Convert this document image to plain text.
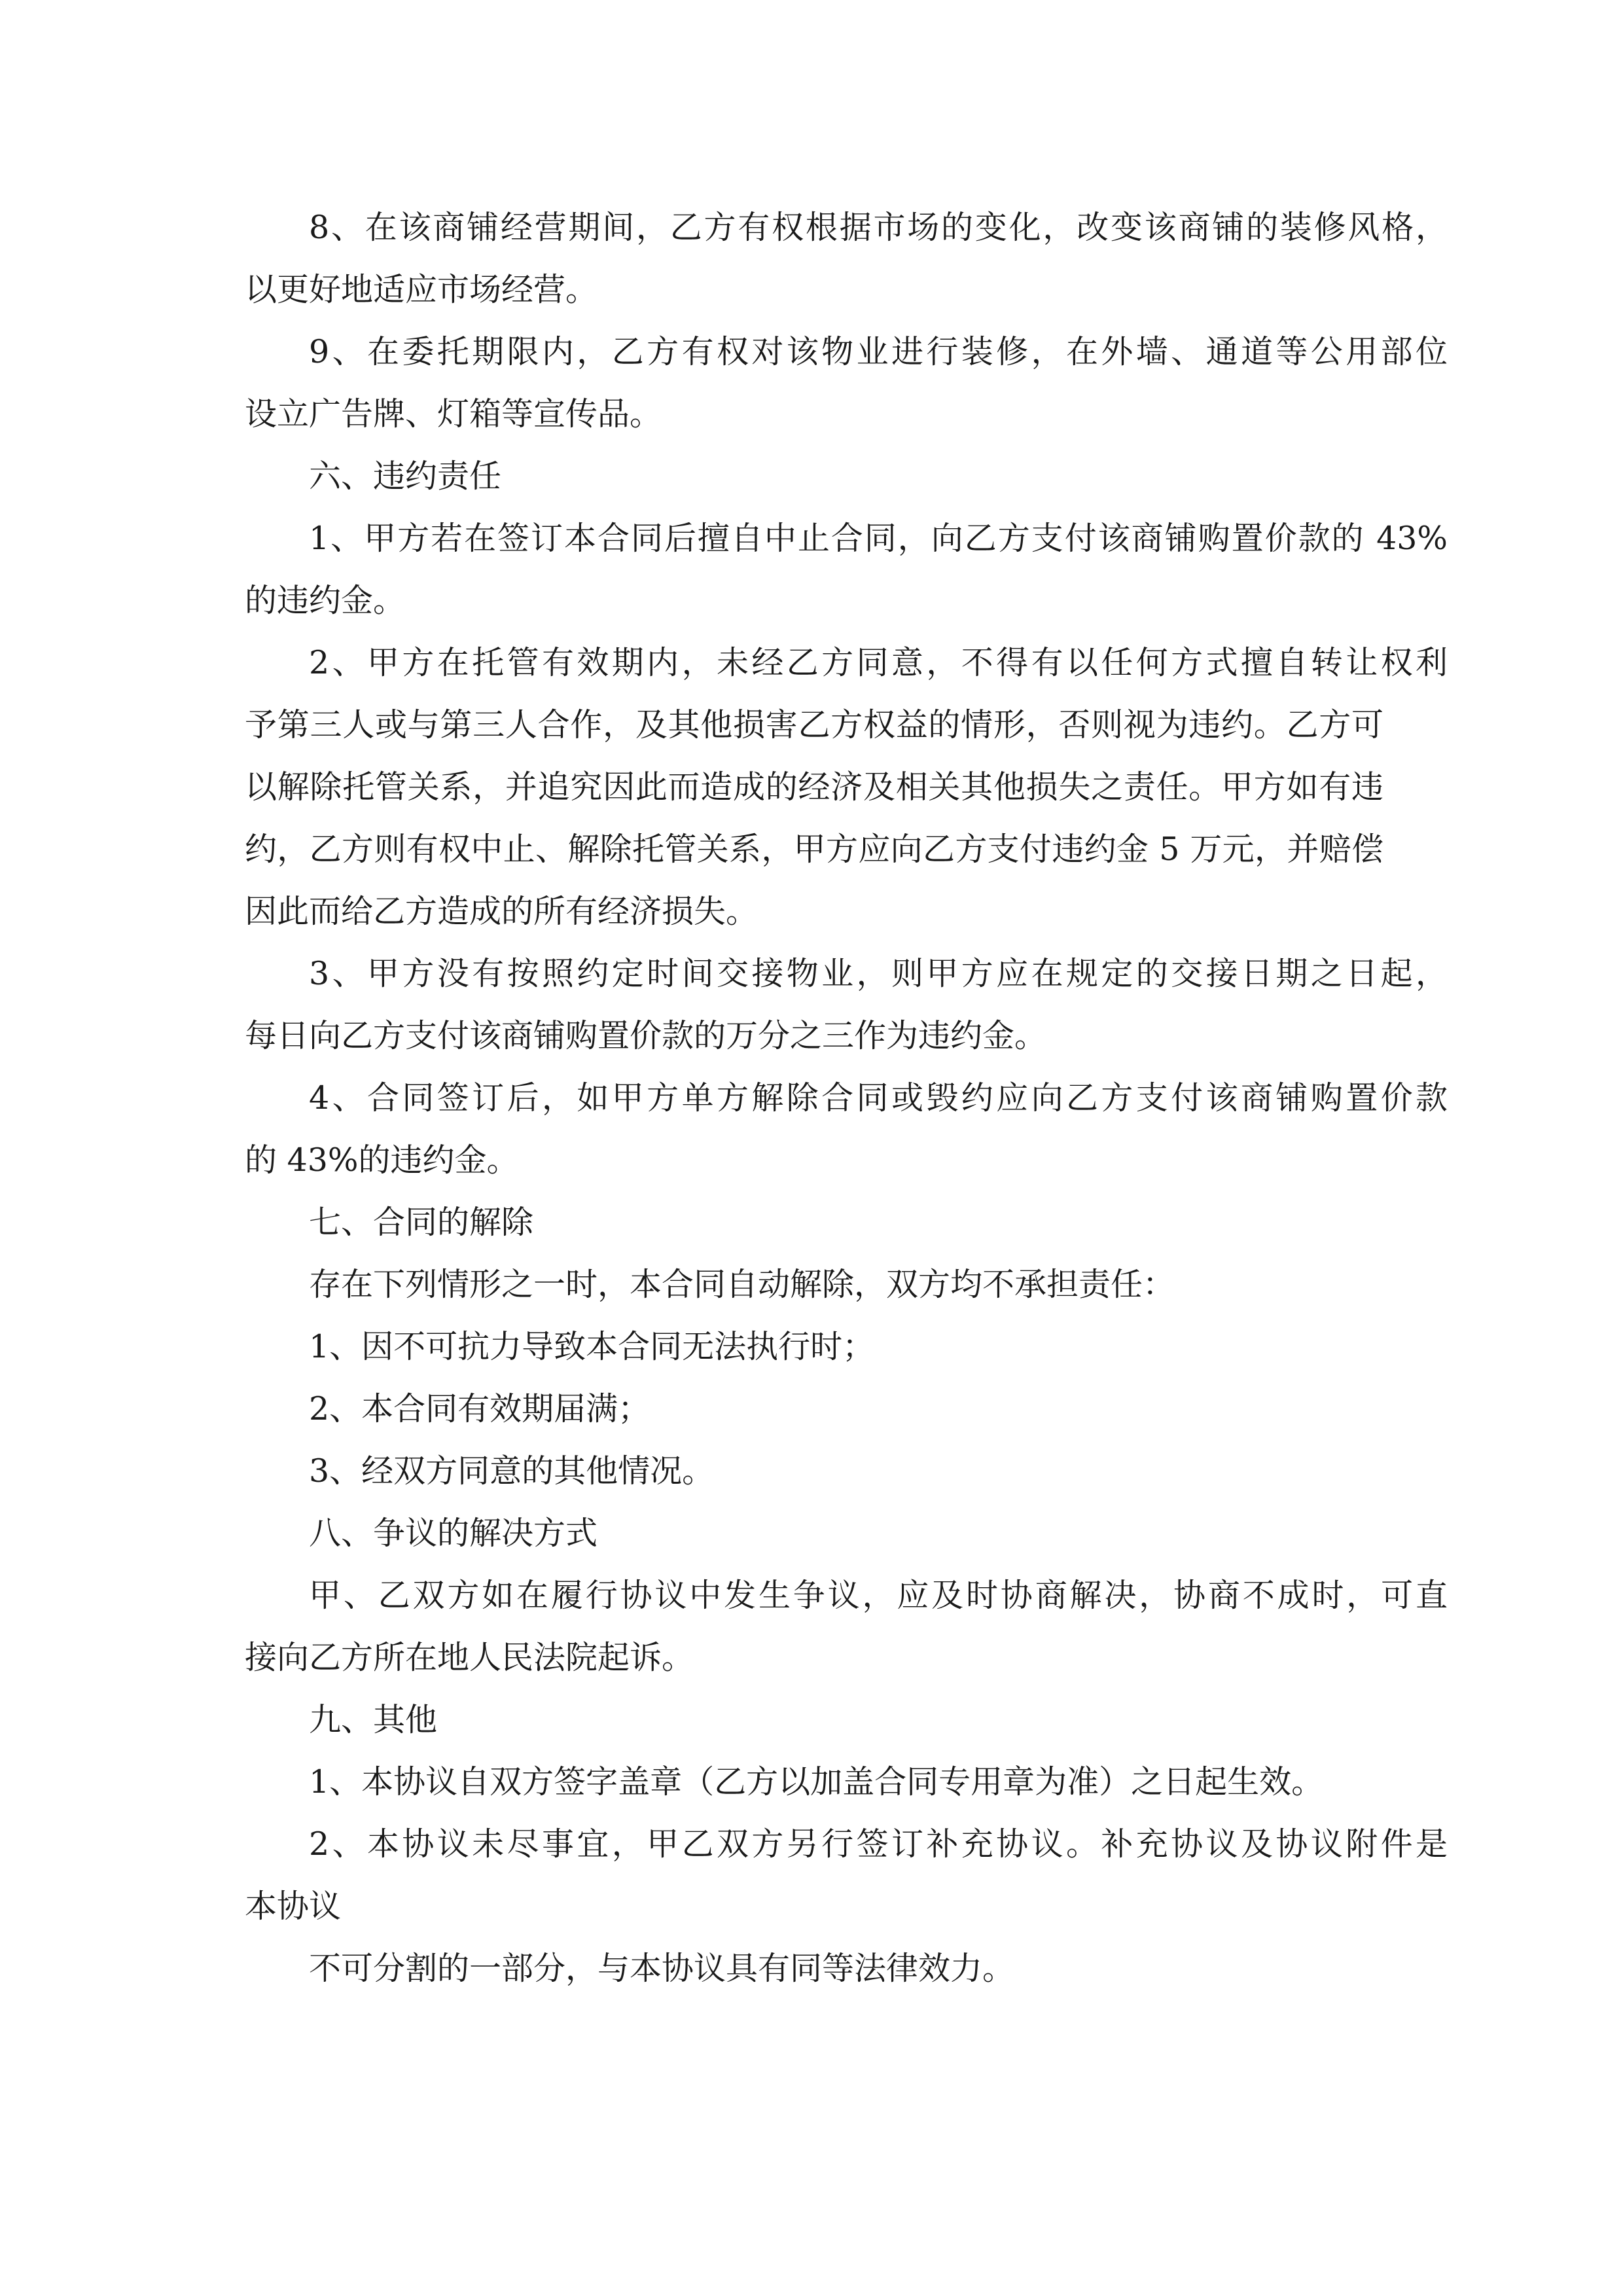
8、在该商铺经营期间，乙方有权根据市场的变化，改变该商铺的装修风格，
以更好地适应市场经营。
9、在委托期限内，乙方有权对该物业进行装修，在外墙、通道等公用部位
设立广告牌、灯箱等宣传品。
六、违约责任
1、甲方若在签订本合同后擅自中止合同，向乙方支付该商铺购置价款的 43%
的违约金。
2、甲方在托管有效期内，未经乙方同意，不得有以任何方式擅自转让权利
予第三人或与第三人合作，及其他损害乙方权益的情形，否则视为违约。乙方可
以解除托管关系，并追究因此而造成的经济及相关其他损失之责任。甲方如有违
约，乙方则有权中止、解除托管关系，甲方应向乙方支付违约金 5 万元，并赔偿
因此而给乙方造成的所有经济损失。
3、甲方没有按照约定时间交接物业，则甲方应在规定的交接日期之日起，
每日向乙方支付该商铺购置价款的万分之三作为违约金。
4、合同签订后，如甲方单方解除合同或毁约应向乙方支付该商铺购置价款
的 43%的违约金。
七、合同的解除
存在下列情形之一时，本合同自动解除，双方均不承担责任：
1、因不可抗力导致本合同无法执行时；
2、本合同有效期届满；
3、经双方同意的其他情况。
八、争议的解决方式
甲、乙双方如在履行协议中发生争议，应及时协商解决，协商不成时，可直
接向乙方所在地人民法院起诉。
九、其他
1、本协议自双方签字盖章（乙方以加盖合同专用章为准）之日起生效。
2、本协议未尽事宜，甲乙双方另行签订补充协议。补充协议及协议附件是
本协议
不可分割的一部分，与本协议具有同等法律效力。
